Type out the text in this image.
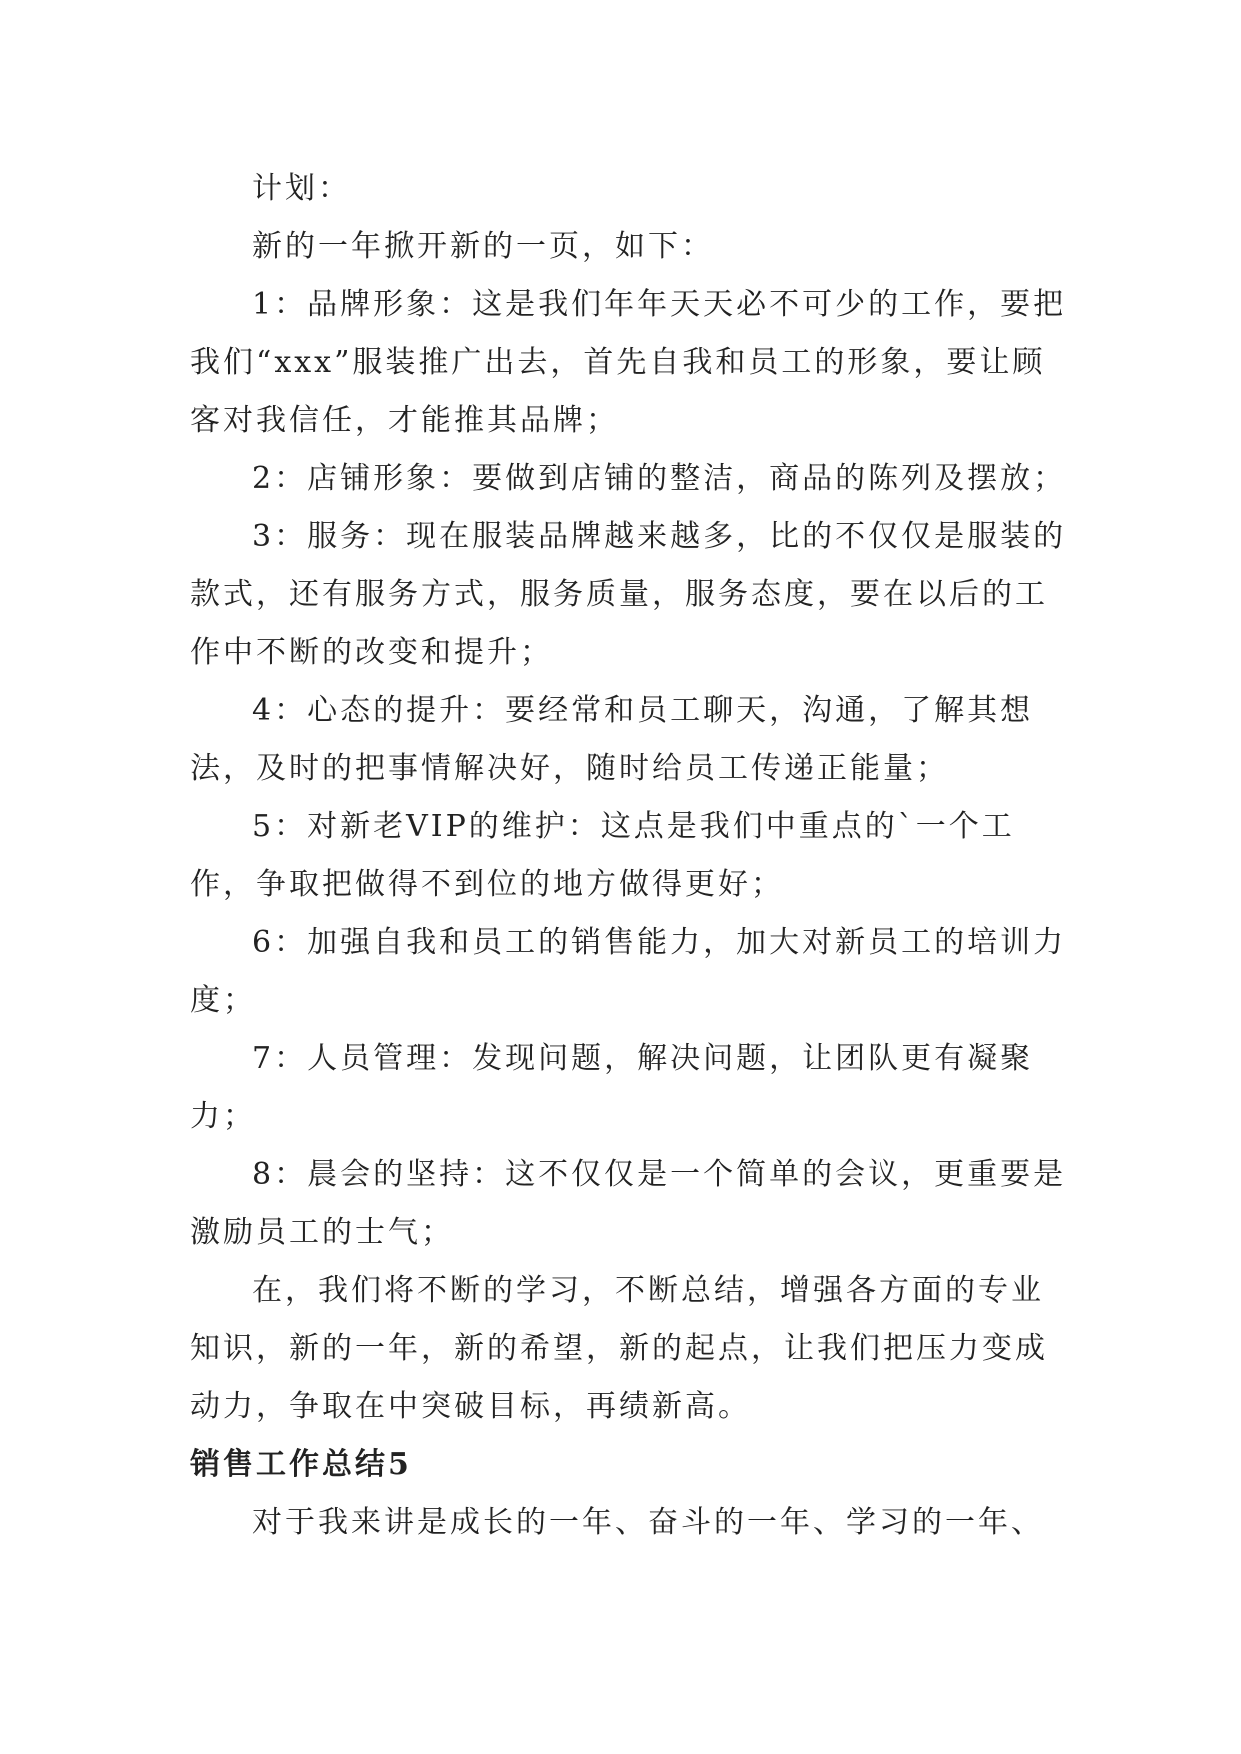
计划：

新的一年掀开新的一页，如下：

1：品牌形象：这是我们年年天天必不可少的工作，要把我们“xxx”服装推广出去，首先自我和员工的形象，要让顾客对我信任，才能推其品牌；

2：店铺形象：要做到店铺的整洁，商品的陈列及摆放；

3：服务：现在服装品牌越来越多，比的不仅仅是服装的款式，还有服务方式，服务质量，服务态度，要在以后的工作中不断的改变和提升；

4：心态的提升：要经常和员工聊天，沟通，了解其想法，及时的把事情解决好，随时给员工传递正能量；

5：对新老VIP的维护：这点是我们中重点的`一个工作，争取把做得不到位的地方做得更好；

6：加强自我和员工的销售能力，加大对新员工的培训力度；

7：人员管理：发现问题，解决问题，让团队更有凝聚力；

8：晨会的坚持：这不仅仅是一个简单的会议，更重要是激励员工的士气；

在，我们将不断的学习，不断总结，增强各方面的专业知识，新的一年，新的希望，新的起点，让我们把压力变成动力，争取在中突破目标，再绩新高。

销售工作总结5

对于我来讲是成长的一年、奋斗的一年、学习的一年、
